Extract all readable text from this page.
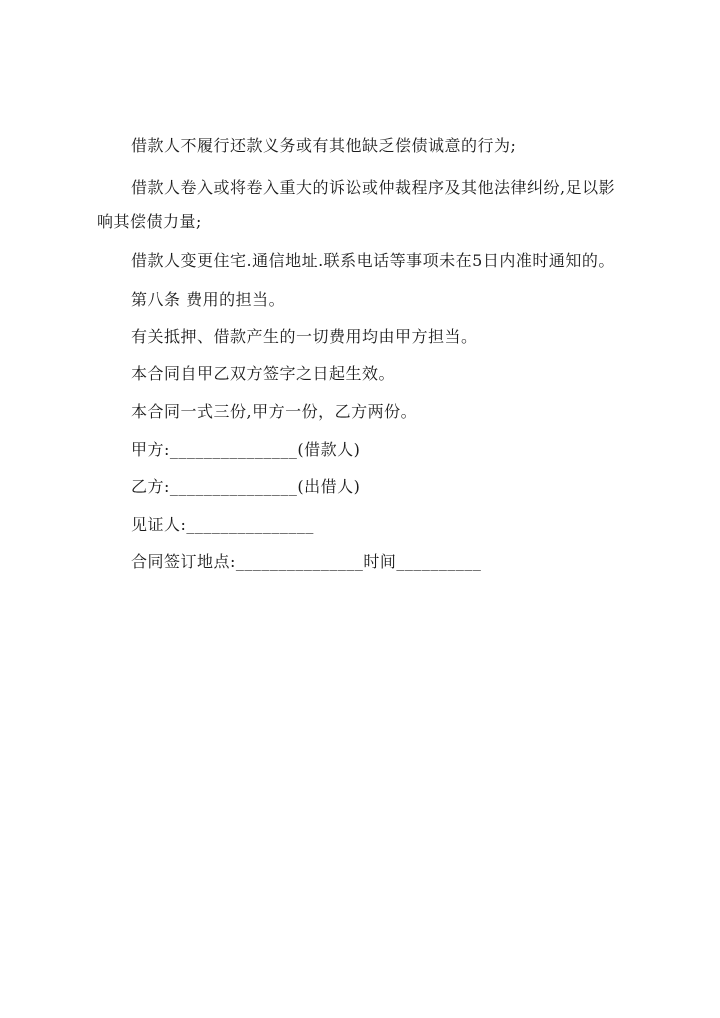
借款人不履行还款义务或有其他缺乏偿债诚意的行为;
借款人卷入或将卷入重大的诉讼或仲裁程序及其他法律纠纷,足以影
响其偿债力量;
借款人变更住宅.通信地址.联系电话等事项未在5日内准时通知的。
第八条 费用的担当。
有关抵押、借款产生的一切费用均由甲方担当。
本合同自甲乙双方签字之日起生效。
本合同一式三份,甲方一份，乙方两份。
甲方:_______________(借款人)
乙方:_______________(出借人)
见证人:_______________
合同签订地点:_______________时间__________
